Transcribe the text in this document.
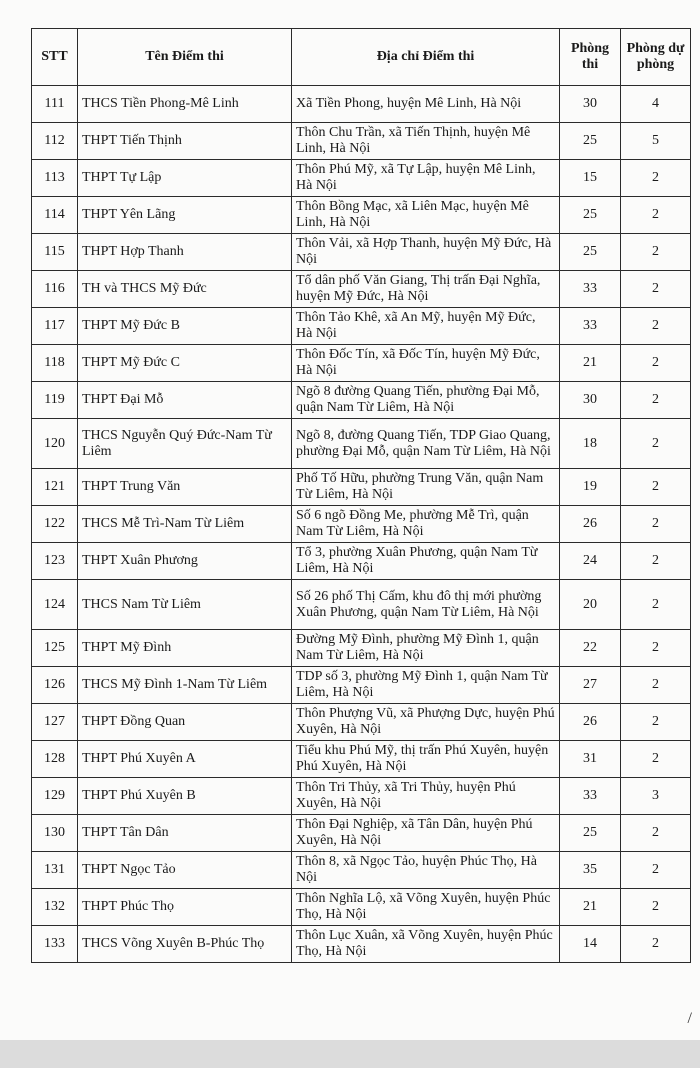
STT	Tên Điểm thi	Địa chỉ Điểm thi	Phòng thi	Phòng dự phòng
111	THCS Tiền Phong-Mê Linh	Xã Tiền Phong, huyện Mê Linh, Hà Nội	30	4
112	THPT Tiến Thịnh	Thôn Chu Trần, xã Tiến Thịnh, huyện Mê Linh, Hà Nội	25	5
113	THPT Tự Lập	Thôn Phú Mỹ, xã Tự Lập, huyện Mê Linh, Hà Nội	15	2
114	THPT Yên Lãng	Thôn Bồng Mạc, xã Liên Mạc, huyện Mê Linh, Hà Nội	25	2
115	THPT Hợp Thanh	Thôn Vải, xã Hợp Thanh, huyện Mỹ Đức, Hà Nội	25	2
116	TH và THCS Mỹ Đức	Tổ dân phố Văn Giang, Thị trấn Đại Nghĩa, huyện Mỹ Đức, Hà Nội	33	2
117	THPT Mỹ Đức B	Thôn Tảo Khê, xã An Mỹ, huyện Mỹ Đức, Hà Nội	33	2
118	THPT Mỹ Đức C	Thôn Đốc Tín, xã Đốc Tín, huyện Mỹ Đức, Hà Nội	21	2
119	THPT Đại Mỗ	Ngõ 8 đường Quang Tiến, phường Đại Mỗ, quận Nam Từ Liêm, Hà Nội	30	2
120	THCS Nguyễn Quý Đức-Nam Từ Liêm	Ngõ 8, đường Quang Tiến, TDP Giao Quang, phường Đại Mỗ, quận Nam Từ Liêm, Hà Nội	18	2
121	THPT Trung Văn	Phố Tố Hữu, phường Trung Văn, quận Nam Từ Liêm, Hà Nội	19	2
122	THCS Mễ Trì-Nam Từ Liêm	Số 6 ngõ Đồng Me, phường Mễ Trì, quận Nam Từ Liêm, Hà Nội	26	2
123	THPT Xuân Phương	Tổ 3, phường Xuân Phương, quận Nam Từ Liêm, Hà Nội	24	2
124	THCS Nam Từ Liêm	Số 26 phố Thị Cấm, khu đô thị mới phường Xuân Phương, quận Nam Từ Liêm, Hà Nội	20	2
125	THPT Mỹ Đình	Đường Mỹ Đình, phường Mỹ Đình 1, quận Nam Từ Liêm, Hà Nội	22	2
126	THCS Mỹ Đình 1-Nam Từ Liêm	TDP số 3, phường Mỹ Đình 1, quận Nam Từ Liêm, Hà Nội	27	2
127	THPT Đồng Quan	Thôn Phượng Vũ, xã Phượng Dực, huyện Phú Xuyên, Hà Nội	26	2
128	THPT Phú Xuyên A	Tiểu khu Phú Mỹ, thị trấn Phú Xuyên, huyện Phú Xuyên, Hà Nội	31	2
129	THPT Phú Xuyên B	Thôn Tri Thủy, xã Tri Thủy, huyện Phú Xuyên, Hà Nội	33	3
130	THPT Tân Dân	Thôn Đại Nghiệp, xã Tân Dân, huyện Phú Xuyên, Hà Nội	25	2
131	THPT Ngọc Tảo	Thôn 8, xã Ngọc Tảo, huyện Phúc Thọ, Hà Nội	35	2
132	THPT Phúc Thọ	Thôn Nghĩa Lộ, xã Võng Xuyên, huyện Phúc Thọ, Hà Nội	21	2
133	THCS Võng Xuyên B-Phúc Thọ	Thôn Lục Xuân, xã Võng Xuyên, huyện Phúc Thọ, Hà Nội	14	2
/
